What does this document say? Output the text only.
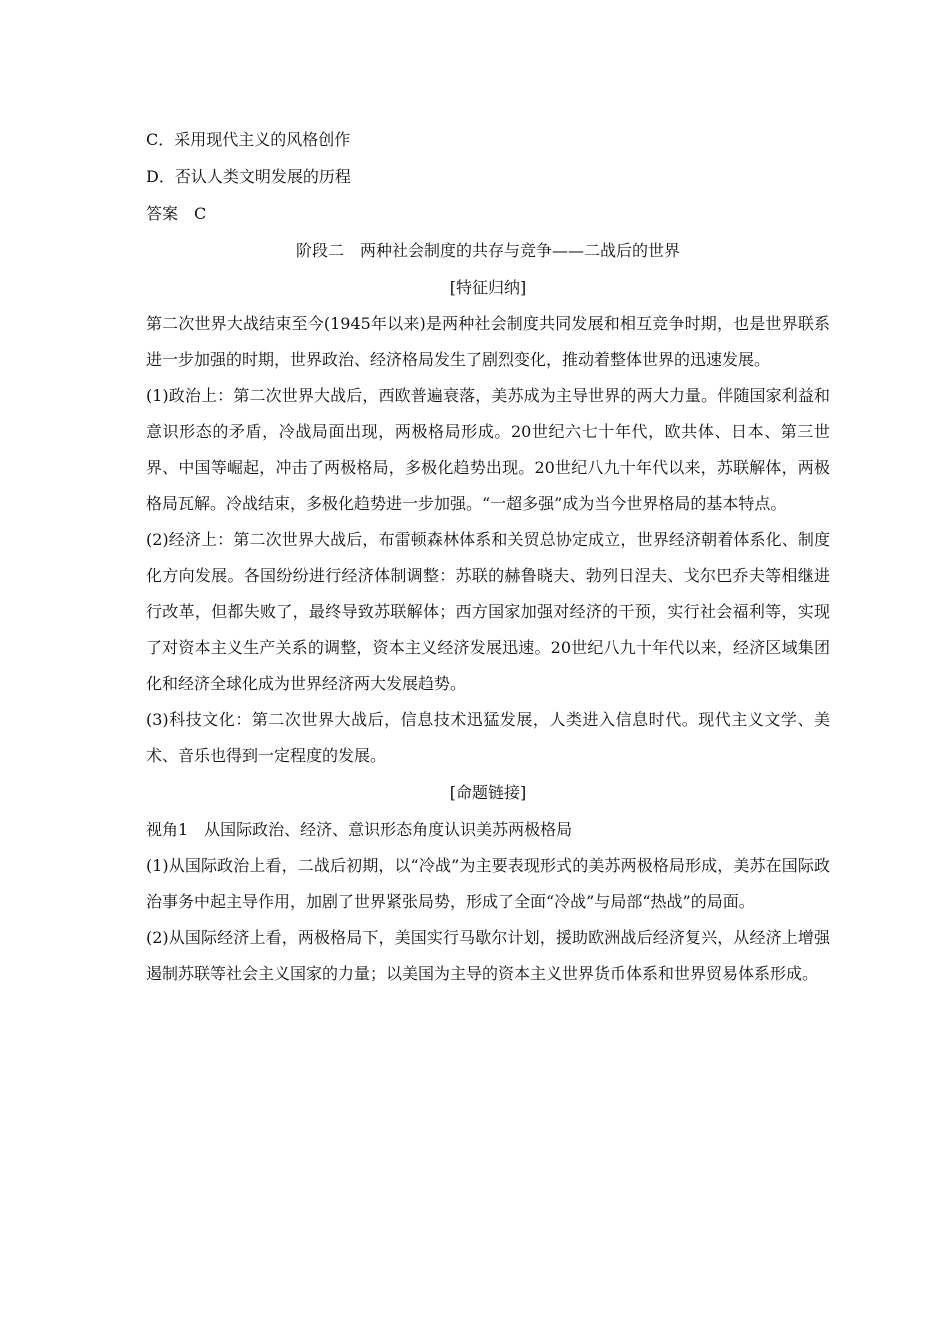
C．采用现代主义的风格创作

D．否认人类文明发展的历程

答案　C

阶段二　两种社会制度的共存与竞争——二战后的世界

[特征归纳]

第二次世界大战结束至今(1945年以来)是两种社会制度共同发展和相互竞争时期，也是世界联系进一步加强的时期，世界政治、经济格局发生了剧烈变化，推动着整体世界的迅速发展。

(1)政治上：第二次世界大战后，西欧普遍衰落，美苏成为主导世界的两大力量。伴随国家利益和意识形态的矛盾，冷战局面出现，两极格局形成。20世纪六七十年代，欧共体、日本、第三世界、中国等崛起，冲击了两极格局，多极化趋势出现。20世纪八九十年代以来，苏联解体，两极格局瓦解。冷战结束，多极化趋势进一步加强。“一超多强”成为当今世界格局的基本特点。

(2)经济上：第二次世界大战后，布雷顿森林体系和关贸总协定成立，世界经济朝着体系化、制度化方向发展。各国纷纷进行经济体制调整：苏联的赫鲁晓夫、勃列日涅夫、戈尔巴乔夫等相继进行改革，但都失败了，最终导致苏联解体；西方国家加强对经济的干预，实行社会福利等，实现了对资本主义生产关系的调整，资本主义经济发展迅速。20世纪八九十年代以来，经济区域集团化和经济全球化成为世界经济两大发展趋势。

(3)科技文化：第二次世界大战后，信息技术迅猛发展，人类进入信息时代。现代主义文学、美术、音乐也得到一定程度的发展。

[命题链接]

视角1　从国际政治、经济、意识形态角度认识美苏两极格局

(1)从国际政治上看，二战后初期，以“冷战”为主要表现形式的美苏两极格局形成，美苏在国际政治事务中起主导作用，加剧了世界紧张局势，形成了全面“冷战”与局部“热战”的局面。

(2)从国际经济上看，两极格局下，美国实行马歇尔计划，援助欧洲战后经济复兴，从经济上增强遏制苏联等社会主义国家的力量；以美国为主导的资本主义世界货币体系和世界贸易体系形成。
